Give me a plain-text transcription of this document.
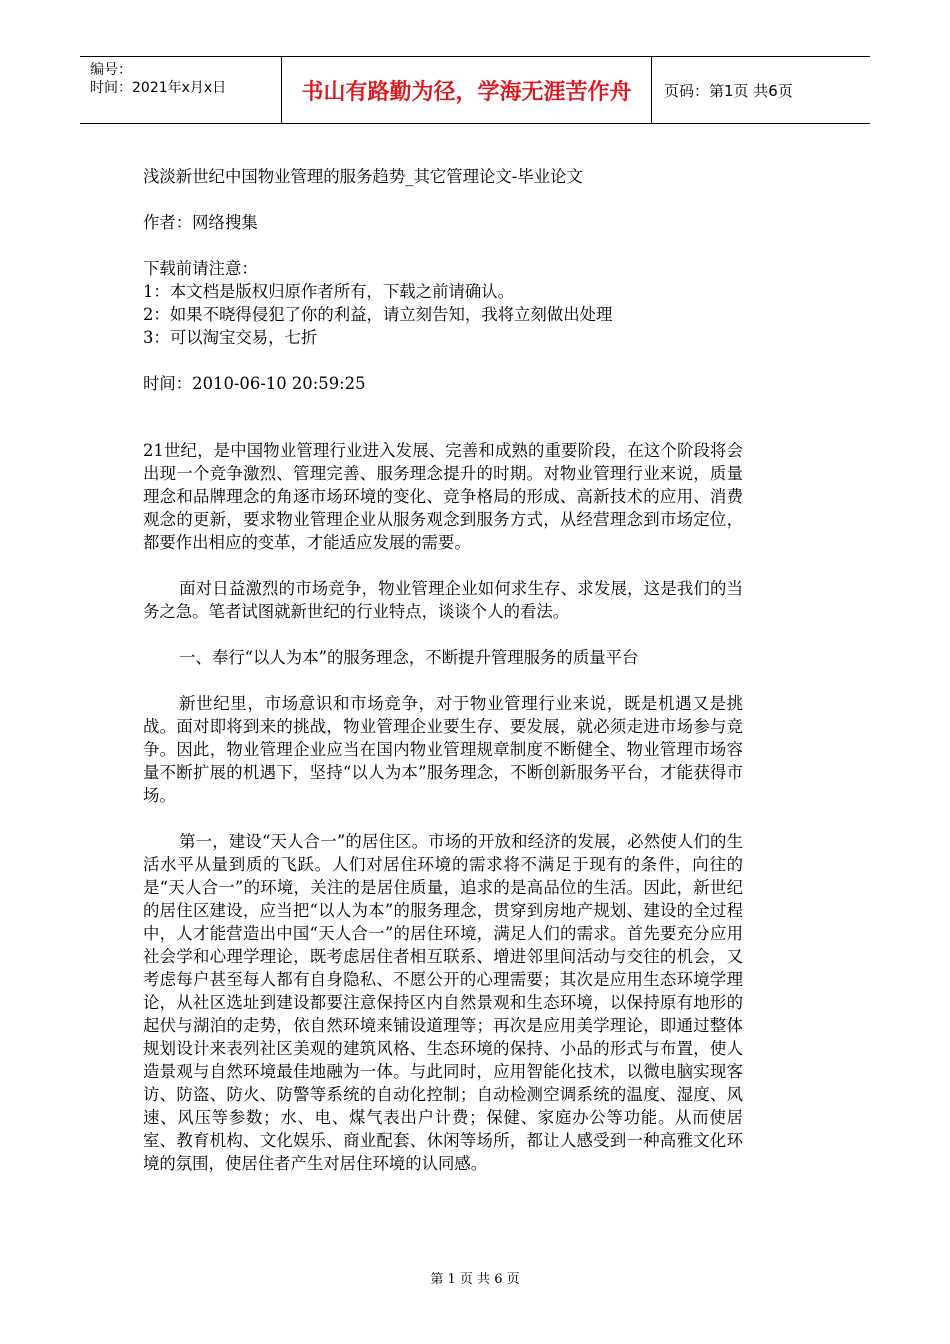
编号：
时间：2021年x月x日	书山有路勤为径，学海无涯苦作舟	页码：第1页 共6页
浅淡新世纪中国物业管理的服务趋势_其它管理论文-毕业论文
作者：网络搜集
下载前请注意：
1：本文档是版权归原作者所有，下载之前请确认。
2：如果不晓得侵犯了你的利益，请立刻告知，我将立刻做出处理
3：可以淘宝交易，七折
时间：2010-06-10 20:59:25

21世纪，是中国物业管理行业进入发展、完善和成熟的重要阶段，在这个阶段将会出现一个竞争激烈、管理完善、服务理念提升的时期。对物业管理行业来说，质量理念和品牌理念的角逐市场环境的变化、竞争格局的形成、高新技术的应用、消费观念的更新，要求物业管理企业从服务观念到服务方式，从经营理念到市场定位，都要作出相应的变革，才能适应发展的需要。

面对日益激烈的市场竞争，物业管理企业如何求生存、求发展，这是我们的当务之急。笔者试图就新世纪的行业特点，谈谈个人的看法。

一、奉行“以人为本”的服务理念，不断提升管理服务的质量平台

新世纪里，市场意识和市场竞争，对于物业管理行业来说，既是机遇又是挑战。面对即将到来的挑战，物业管理企业要生存、要发展，就必须走进市场参与竞争。因此，物业管理企业应当在国内物业管理规章制度不断健全、物业管理市场容量不断扩展的机遇下，坚持“以人为本”服务理念，不断创新服务平台，才能获得市场。

第一，建设“天人合一”的居住区。市场的开放和经济的发展，必然使人们的生活水平从量到质的飞跃。人们对居住环境的需求将不满足于现有的条件，向往的是“天人合一”的环境，关注的是居住质量，追求的是高品位的生活。因此，新世纪的居住区建设，应当把“以人为本”的服务理念，贯穿到房地产规划、建设的全过程中，人才能营造出中国“天人合一”的居住环境，满足人们的需求。首先要充分应用社会学和心理学理论，既考虑居住者相互联系、增进邻里间活动与交往的机会，又考虑每户甚至每人都有自身隐私、不愿公开的心理需要；其次是应用生态环境学理论，从社区选址到建设都要注意保持区内自然景观和生态环境，以保持原有地形的起伏与湖泊的走势，依自然环境来铺设道理等；再次是应用美学理论，即通过整体规划设计来表列社区美观的建筑风格、生态环境的保持、小品的形式与布置，使人造景观与自然环境最佳地融为一体。与此同时，应用智能化技术，以微电脑实现客访、防盗、防火、防警等系统的自动化控制；自动检测空调系统的温度、湿度、风速、风压等参数；水、电、煤气表出户计费；保健、家庭办公等功能。从而使居室、教育机构、文化娱乐、商业配套、休闲等场所，都让人感受到一种高雅文化环境的氛围，使居住者产生对居住环境的认同感。

第 1 页 共 6 页
